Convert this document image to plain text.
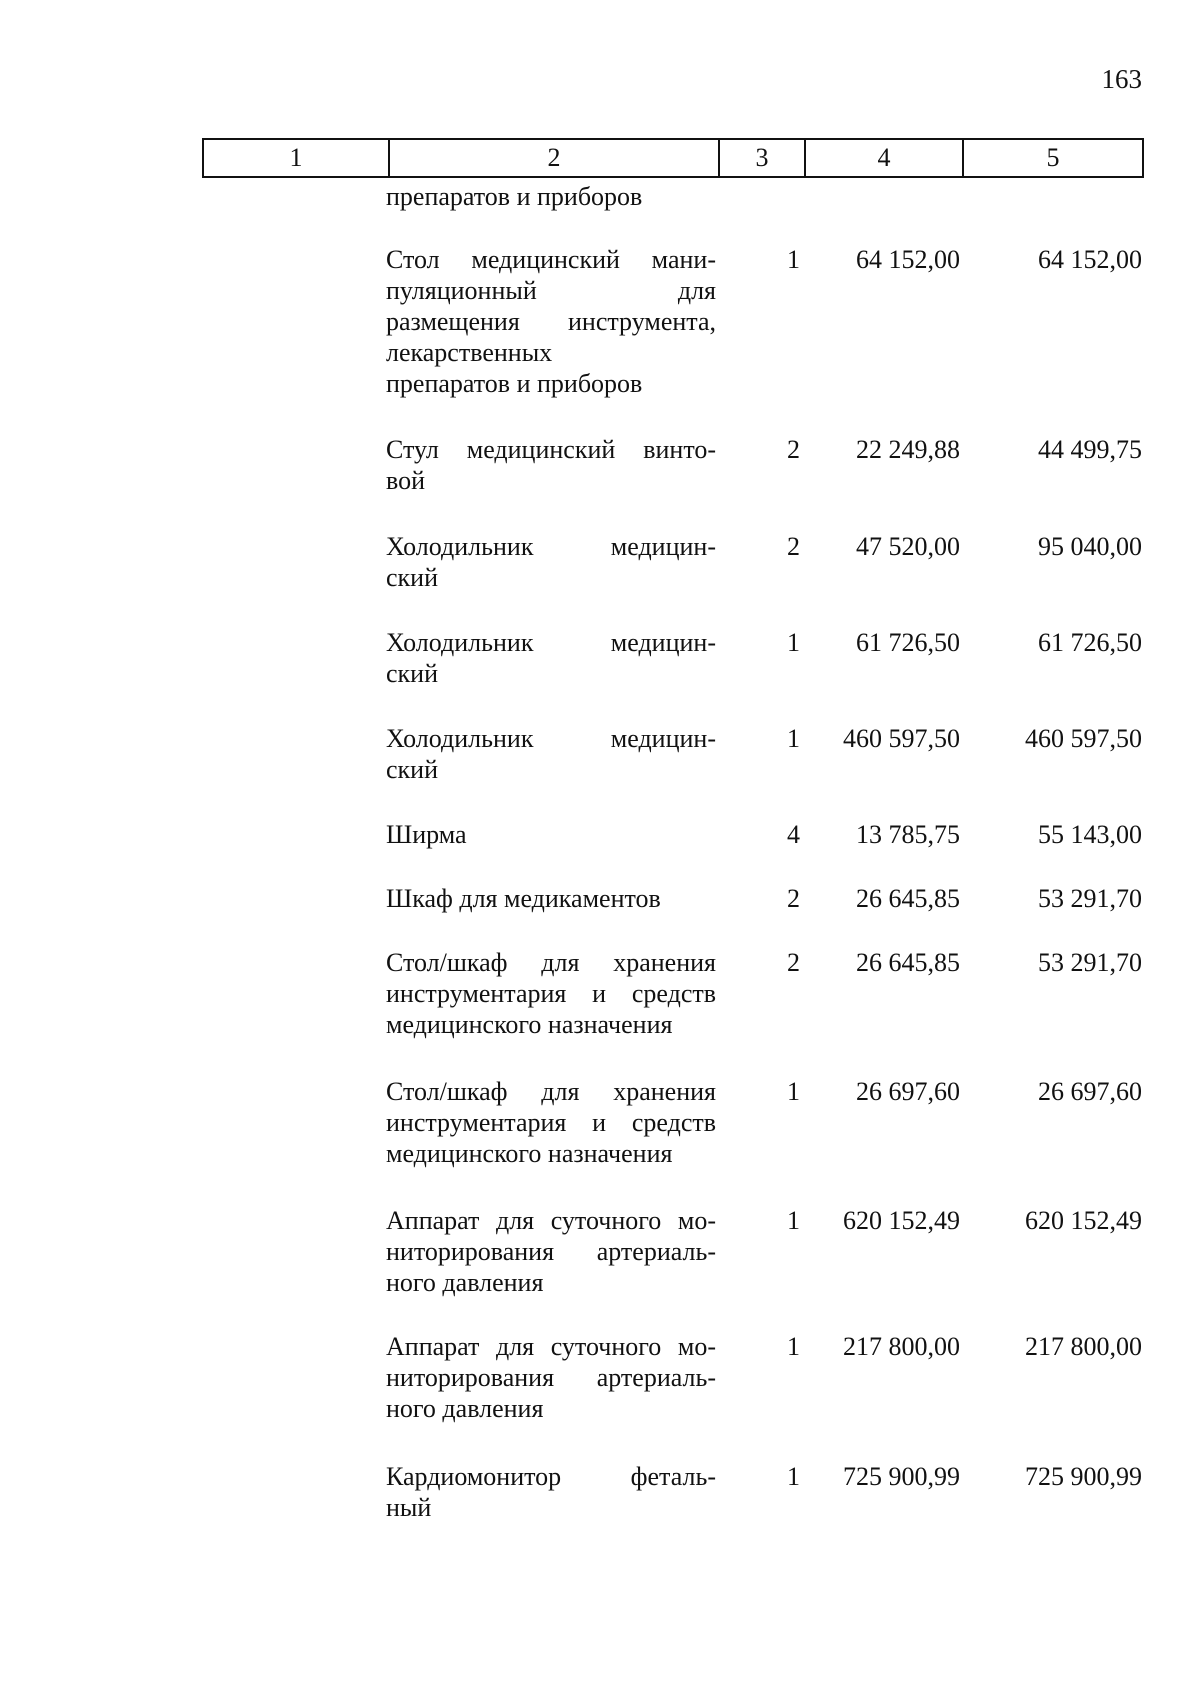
163
1	2	3	4	5
препаратов и приборов
Стол медицинский мани-
пуляционный для
размещения инструмента,
лекарственных
препаратов и приборов
1	64 152,00	64 152,00
Стул медицинский винто-
вой
2	22 249,88	44 499,75
Холодильник медицин-
ский
2	47 520,00	95 040,00
Холодильник медицин-
ский
1	61 726,50	61 726,50
Холодильник медицин-
ский
1	460 597,50	460 597,50
Ширма	4	13 785,75	55 143,00
Шкаф для медикаментов	2	26 645,85	53 291,70
Стол/шкаф для хранения
инструментария и средств
медицинского назначения
2	26 645,85	53 291,70
Стол/шкаф для хранения
инструментария и средств
медицинского назначения
1	26 697,60	26 697,60
Аппарат для суточного мо-
ниторирования артериаль-
ного давления
1	620 152,49	620 152,49
Аппарат для суточного мо-
ниторирования артериаль-
ного давления
1	217 800,00	217 800,00
Кардиомонитор феталь-
ный
1	725 900,99	725 900,99
